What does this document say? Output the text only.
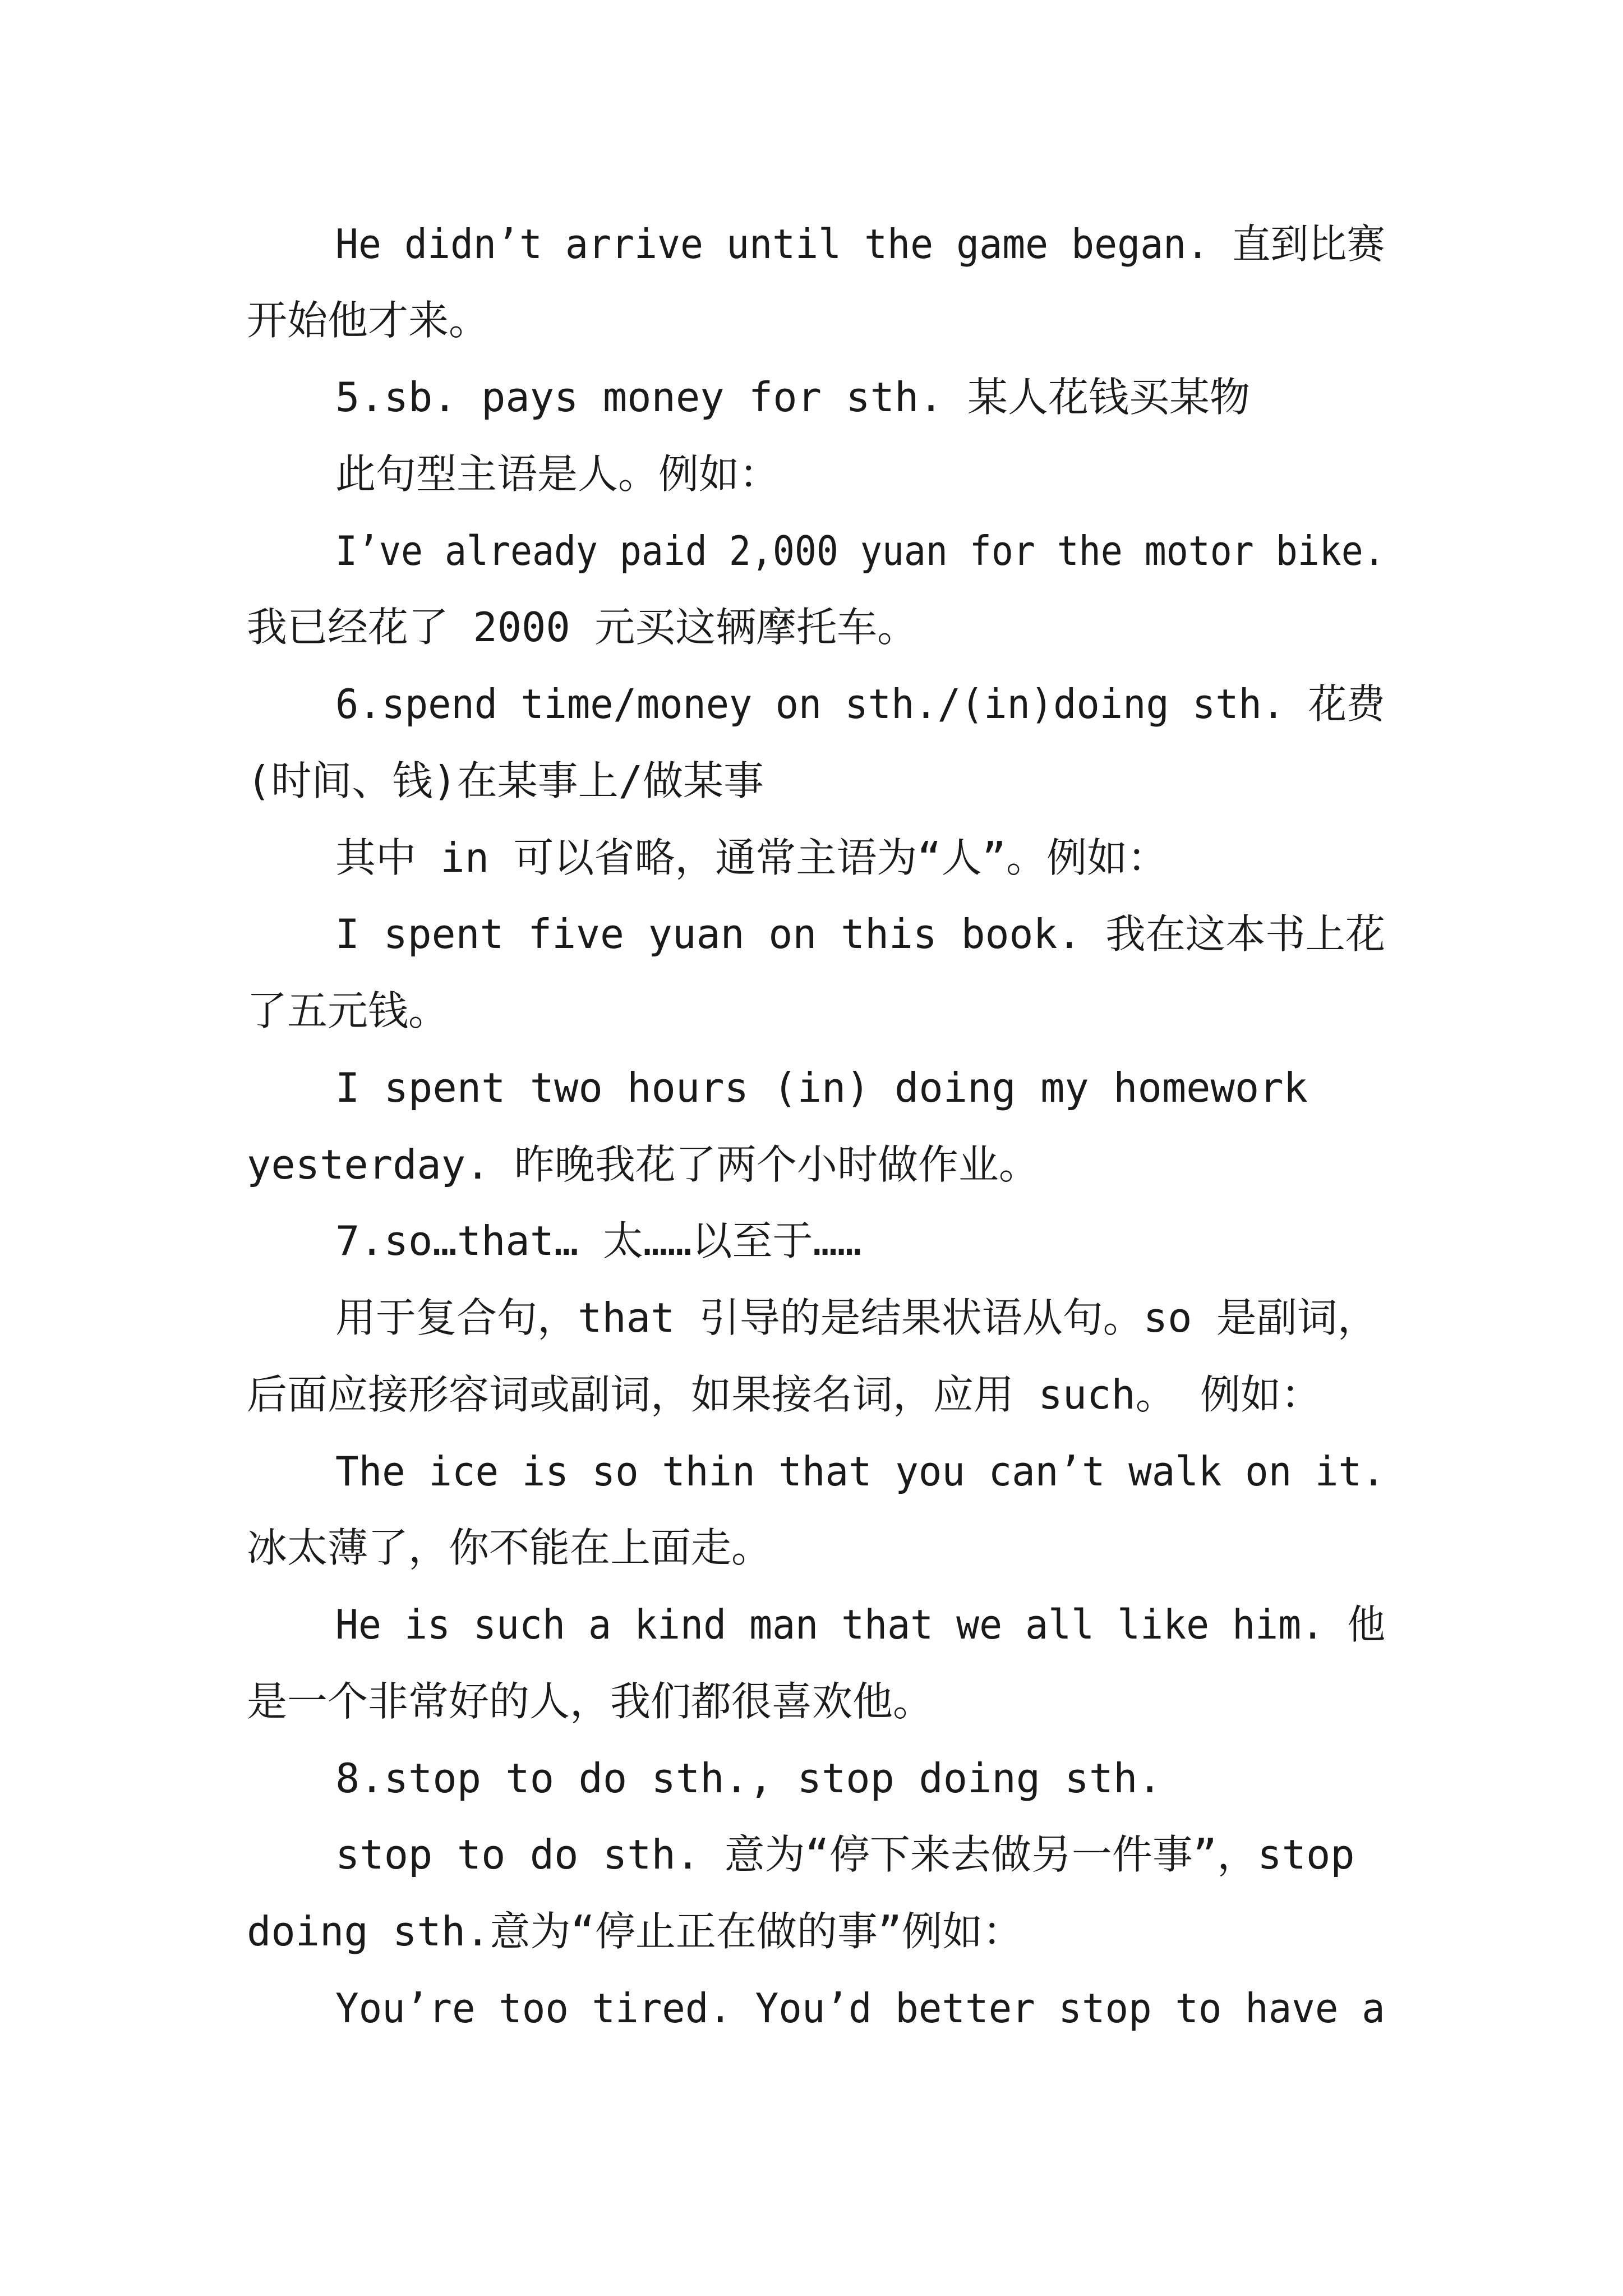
He didn’t arrive until the game began. 直到比赛

开始他才来。

5.sb. pays money for sth. 某人花钱买某物

此句型主语是人。例如：

I’ve already paid 2,000 yuan for the motor bike.

我已经花了 2000 元买这辆摩托车。

6.spend time/money on sth./(in)doing sth. 花费

(时间、钱)在某事上/做某事

其中 in 可以省略，通常主语为“人”。例如：

I spent five yuan on this book. 我在这本书上花

了五元钱。

I spent two hours (in) doing my homework

yesterday. 昨晚我花了两个小时做作业。

7.so…that… 太……以至于……

用于复合句，that 引导的是结果状语从句。so 是副词，

后面应接形容词或副词，如果接名词，应用 such。 例如：

The ice is so thin that you can’t walk on it.

冰太薄了，你不能在上面走。

He is such a kind man that we all like him. 他

是一个非常好的人，我们都很喜欢他。

8.stop to do sth., stop doing sth.

stop to do sth. 意为“停下来去做另一件事”，stop

doing sth.意为“停止正在做的事”例如：

You’re too tired. You’d better stop to have a
